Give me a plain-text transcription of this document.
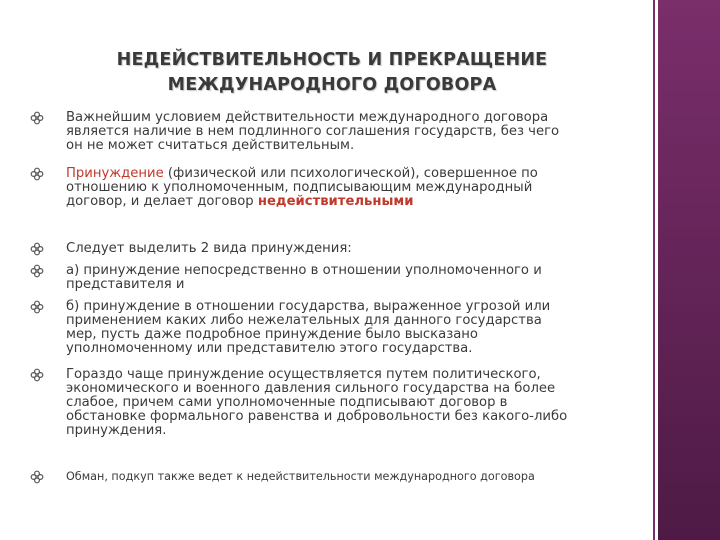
НЕДЕЙСТВИТЕЛЬНОСТЬ И ПРЕКРАЩЕНИЕ
МЕЖДУНАРОДНОГО ДОГОВОРА
Важнейшим условием действительности международного договора
является наличие в нем подлинного соглашения государств, без чего
он не может считаться действительным.
Принуждение (физической или психологической), совершенное по
отношению к уполномоченным, подписывающим международный
договор, и делает договор недействительными
Следует выделить 2 вида принуждения:
а) принуждение непосредственно в отношении уполномоченного и
представителя и
б) принуждение в отношении государства, выраженное угрозой или
применением каких либо нежелательных для данного государства
мер, пусть даже подробное принуждение было высказано
уполномоченному или представителю этого государства.
Гораздо чаще принуждение осуществляется путем политического,
экономического и военного давления сильного государства на более
слабое, причем сами уполномоченные подписывают договор в
обстановке формального равенства и добровольности без какого-либо
принуждения.
Обман, подкуп также ведет к недействительности международного договора
